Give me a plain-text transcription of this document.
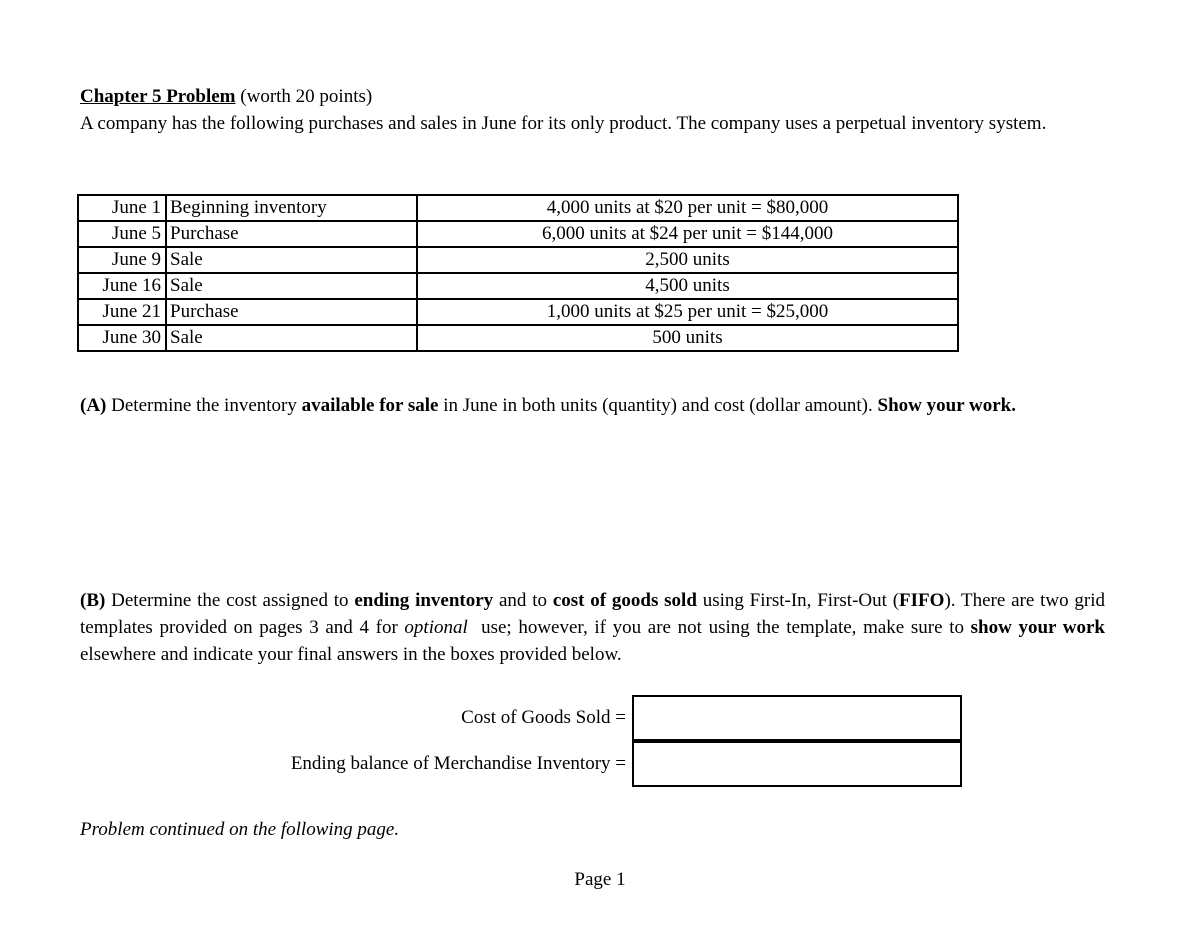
Chapter 5 Problem (worth 20 points)

A company has the following purchases and sales in June for its only product. The company uses a perpetual inventory system.

June 1	Beginning inventory	4,000 units at $20 per unit = $80,000
June 5	Purchase	6,000 units at $24 per unit = $144,000
June 9	Sale	2,500 units
June 16	Sale	4,500 units
June 21	Purchase	1,000 units at $25 per unit = $25,000
June 30	Sale	500 units

(A) Determine the inventory available for sale in June in both units (quantity) and cost (dollar amount). Show your work.

(B) Determine the cost assigned to ending inventory and to cost of goods sold using First-In, First-Out (FIFO). There are two grid templates provided on pages 3 and 4 for optional  use; however, if you are not using the template, make sure to show your work elsewhere and indicate your final answers in the boxes provided below.

Cost of Goods Sold =
Ending balance of Merchandise Inventory =
Problem continued on the following page.
Page 1
